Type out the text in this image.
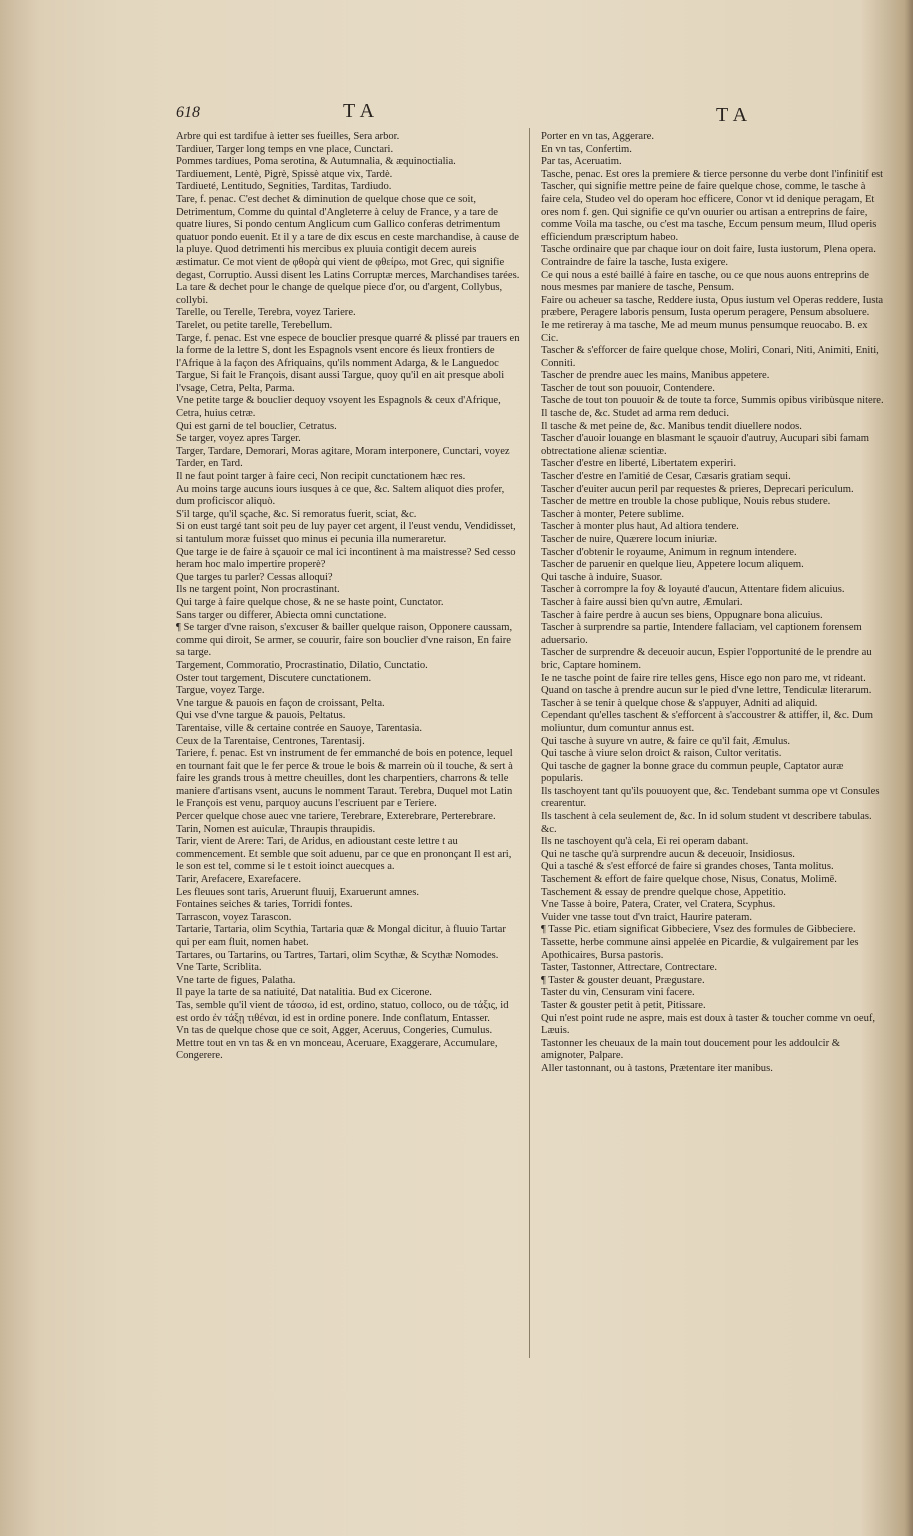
618	TA	TA

Arbre qui est tardifue à ietter ses fueilles, Sera arbor.

Tardiuer, Targer long temps en vne place, Cunctari.

Pommes tardiues, Poma serotina, & Autumnalia, & æquinoctialia.

Tardiuement, Lentè, Pigrè, Spissè atque vix, Tardè.

Tardiueté, Lentitudo, Segnities, Tarditas, Tardiudo.

Tare, f. penac. C'est dechet & diminution de quelque chose que ce soit, Detrimentum, Comme du quintal d'Angleterre à celuy de France, y a tare de quatre liures, Si pondo centum Anglicum cum Gallico conferas detrimentum quatuor pondo euenit. Et il y a tare de dix escus en ceste marchandise, à cause de la pluye. Quod detrimenti his mercibus ex pluuia contigit decem aureis æstimatur. Ce mot vient de φθορὰ qui vient de φθείρω, mot Grec, qui signifie degast, Corruptio. Aussi disent les Latins Corruptæ merces, Marchandises tarées.

La tare & dechet pour le change de quelque piece d'or, ou d'argent, Collybus, collybi.

Tarelle, ou Terelle, Terebra, voyez Tariere.

Tarelet, ou petite tarelle, Terebellum.

Targe, f. penac. Est vne espece de bouclier presque quarré & plissé par trauers en la forme de la lettre S, dont les Espagnols vsent encore és lieux frontiers de l'Afrique à la façon des Afriquains, qu'ils nomment Adarga, & le Languedoc Targue, Si fait le François, disant aussi Targue, quoy qu'il en ait presque aboli l'vsage, Cetra, Pelta, Parma.

Vne petite targe & bouclier dequoy vsoyent les Espagnols & ceux d'Afrique, Cetra, huius cetræ.

Qui est garni de tel bouclier, Cetratus.

Se targer, voyez apres Targer.

Targer, Tardare, Demorari, Moras agitare, Moram interponere, Cunctari, voyez Tarder, en Tard.

Il ne faut point targer à faire ceci, Non recipit cunctationem hæc res.

Au moins targe aucuns iours iusques à ce que, &c. Saltem aliquot dies profer, dum proficiscor aliquò.

S'il targe, qu'il sçache, &c. Si remoratus fuerit, sciat, &c.

Si on eust targé tant soit peu de luy payer cet argent, il l'eust vendu, Vendidisset, si tantulum moræ fuisset quo minus ei pecunia illa numeraretur.

Que targe ie de faire à sçauoir ce mal ici incontinent à ma maistresse? Sed cesso heram hoc malo impertire properè?

Que targes tu parler? Cessas alloqui?

Ils ne targent point, Non procrastinant.

Qui targe à faire quelque chose, & ne se haste point, Cunctator.

Sans targer ou differer, Abiecta omni cunctatione.

¶ Se targer d'vne raison, s'excuser & bailler quelque raison, Opponere caussam, comme qui diroit, Se armer, se couurir, faire son bouclier d'vne raison, En faire sa targe.

Targement, Commoratio, Procrastinatio, Dilatio, Cunctatio.

Oster tout targement, Discutere cunctationem.

Targue, voyez Targe.

Vne targue & pauois en façon de croissant, Pelta.

Qui vse d'vne targue & pauois, Peltatus.

Tarentaise, ville & certaine contrée en Sauoye, Tarentasia.

Ceux de la Tarentaise, Centrones, Tarentasij.

Tariere, f. penac. Est vn instrument de fer emmanché de bois en potence, lequel en tournant fait que le fer perce & troue le bois & marrein où il touche, & sert à faire les grands trous à mettre cheuilles, dont les charpentiers, charrons & telle maniere d'artisans vsent, aucuns le nomment Taraut. Terebra, Duquel mot Latin le François est venu, parquoy aucuns l'escriuent par e Teriere.

Percer quelque chose auec vne tariere, Terebrare, Exterebrare, Perterebrare.

Tarin, Nomen est auiculæ, Thraupis thraupidis.

Tarir, vient de Arere: Tari, de Aridus, en adioustant ceste lettre t au commencement. Et semble que soit aduenu, par ce que en prononçant Il est ari, le son est tel, comme si le t estoit ioinct auecques a.

Tarir, Arefacere, Exarefacere.

Les fleuues sont taris, Aruerunt fluuij, Exaruerunt amnes.

Fontaines seiches & taries, Torridi fontes.

Tarrascon, voyez Tarascon.

Tartarie, Tartaria, olim Scythia, Tartaria quæ & Mongal dicitur, à fluuio Tartar qui per eam fluit, nomen habet.

Tartares, ou Tartarins, ou Tartres, Tartari, olim Scythæ, & Scythæ Nomodes.

Vne Tarte, Scriblita.

Vne tarte de figues, Palatha.

Il paye la tarte de sa natiuité, Dat natalitia. Bud ex Cicerone.

Tas, semble qu'il vient de τάσσω, id est, ordino, statuo, colloco, ou de τάξις, id est ordo ἐν τάξῃ τιθέναι, id est in ordine ponere. Inde conflatum, Entasser.

Vn tas de quelque chose que ce soit, Agger, Aceruus, Congeries, Cumulus.

Mettre tout en vn tas & en vn monceau, Aceruare, Exaggerare, Accumulare, Congerere.

Porter en vn tas, Aggerare.

En vn tas, Confertim.

Par tas, Aceruatim.

Tasche, penac. Est ores la premiere & tierce personne du verbe dont l'infinitif est Tascher, qui signifie mettre peine de faire quelque chose, comme, le tasche à faire cela, Studeo vel do operam hoc efficere, Conor vt id denique peragam, Et ores nom f. gen. Qui signifie ce qu'vn ouurier ou artisan a entreprins de faire, comme Voila ma tasche, ou c'est ma tasche, Eccum pensum meum, Illud operis efficiendum præscriptum habeo.

Tasche ordinaire que par chaque iour on doit faire, Iusta iustorum, Plena opera.

Contraindre de faire la tasche, Iusta exigere.

Ce qui nous a esté baillé à faire en tasche, ou ce que nous auons entreprins de nous mesmes par maniere de tasche, Pensum.

Faire ou acheuer sa tasche, Reddere iusta, Opus iustum vel Operas reddere, Iusta præbere, Peragere laboris pensum, Iusta operum peragere, Pensum absoluere.

Ie me retireray à ma tasche, Me ad meum munus pensumque reuocabo. B. ex Cic.

Tascher & s'efforcer de faire quelque chose, Moliri, Conari, Niti, Animiti, Eniti, Conniti.

Tascher de prendre auec les mains, Manibus appetere.

Tascher de tout son pouuoir, Contendere.

Tasche de tout ton pouuoir & de toute ta force, Summis opibus viribùsque nitere.

Il tasche de, &c. Studet ad arma rem deduci.

Il tasche & met peine de, &c. Manibus tendit diuellere nodos.

Tascher d'auoir louange en blasmant le sçauoir d'autruy, Aucupari sibi famam obtrectatione alienæ scientiæ.

Tascher d'estre en liberté, Libertatem experiri.

Tascher d'estre en l'amitié de Cesar, Cæsaris gratiam sequi.

Tascher d'euiter aucun peril par requestes & prieres, Deprecari periculum.

Tascher de mettre en trouble la chose publique, Nouis rebus studere.

Tascher à monter, Petere sublime.

Tascher à monter plus haut, Ad altiora tendere.

Tascher de nuire, Quærere locum iniuriæ.

Tascher d'obtenir le royaume, Animum in regnum intendere.

Tascher de paruenir en quelque lieu, Appetere locum aliquem.

Qui tasche à induire, Suasor.

Tascher à corrompre la foy & loyauté d'aucun, Attentare fidem alicuius.

Tascher à faire aussi bien qu'vn autre, Æmulari.

Tascher à faire perdre à aucun ses biens, Oppugnare bona alicuius.

Tascher à surprendre sa partie, Intendere fallaciam, vel captionem forensem aduersario.

Tascher de surprendre & deceuoir aucun, Espier l'opportunité de le prendre au bric, Captare hominem.

Ie ne tasche point de faire rire telles gens, Hisce ego non paro me, vt rideant.

Quand on tasche à prendre aucun sur le pied d'vne lettre, Tendiculæ literarum.

Tascher à se tenir à quelque chose & s'appuyer, Adniti ad aliquid.

Cependant qu'elles taschent & s'efforcent à s'accoustrer & attiffer, il, &c. Dum moliuntur, dum comuntur annus est.

Qui tasche à suyure vn autre, & faire ce qu'il fait, Æmulus.

Qui tasche à viure selon droict & raison, Cultor veritatis.

Qui tasche de gagner la bonne grace du commun peuple, Captator auræ popularis.

Ils taschoyent tant qu'ils pouuoyent que, &c. Tendebant summa ope vt Consules crearentur.

Ils taschent à cela seulement de, &c. In id solum student vt describere tabulas. &c.

Ils ne taschoyent qu'à cela, Ei rei operam dabant.

Qui ne tasche qu'à surprendre aucun & deceuoir, Insidiosus.

Qui a tasché & s'est efforcé de faire si grandes choses, Tanta molitus.

Taschement & effort de faire quelque chose, Nisus, Conatus, Molimē.

Taschement & essay de prendre quelque chose, Appetitio.

Vne Tasse à boire, Patera, Crater, vel Cratera, Scyphus.

Vuider vne tasse tout d'vn traict, Haurire pateram.

¶ Tasse Pic. etiam significat Gibbeciere, Vsez des formules de Gibbeciere.

Tassette, herbe commune ainsi appelée en Picardie, & vulgairement par les Apothicaires, Bursa pastoris.

Taster, Tastonner, Attrectare, Contrectare.

¶ Taster & gouster deuant, Prægustare.

Taster du vin, Censuram vini facere.

Taster & gouster petit à petit, Pitissare.

Qui n'est point rude ne aspre, mais est doux à taster & toucher comme vn oeuf, Læuis.

Tastonner les cheuaux de la main tout doucement pour les addoulcir & amignoter, Palpare.

Aller tastonnant, ou à tastons, Prætentare iter manibus.
